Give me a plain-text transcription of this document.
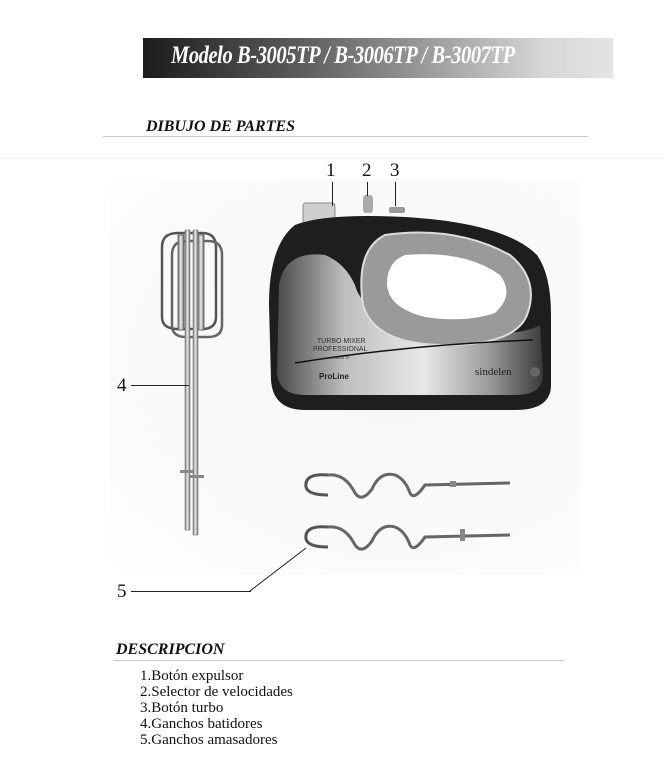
Modelo B-3005TP / B-3006TP / B-3007TP
DIBUJO DE PARTES
TURBO MIXER
PROFESSIONAL
B-3005 TP
ProLine	sindelen
1 2 3
4
5
DESCRIPCION
1.Botón expulsor
2.Selector de velocidades
3.Botón turbo
4.Ganchos batidores
5.Ganchos amasadores
